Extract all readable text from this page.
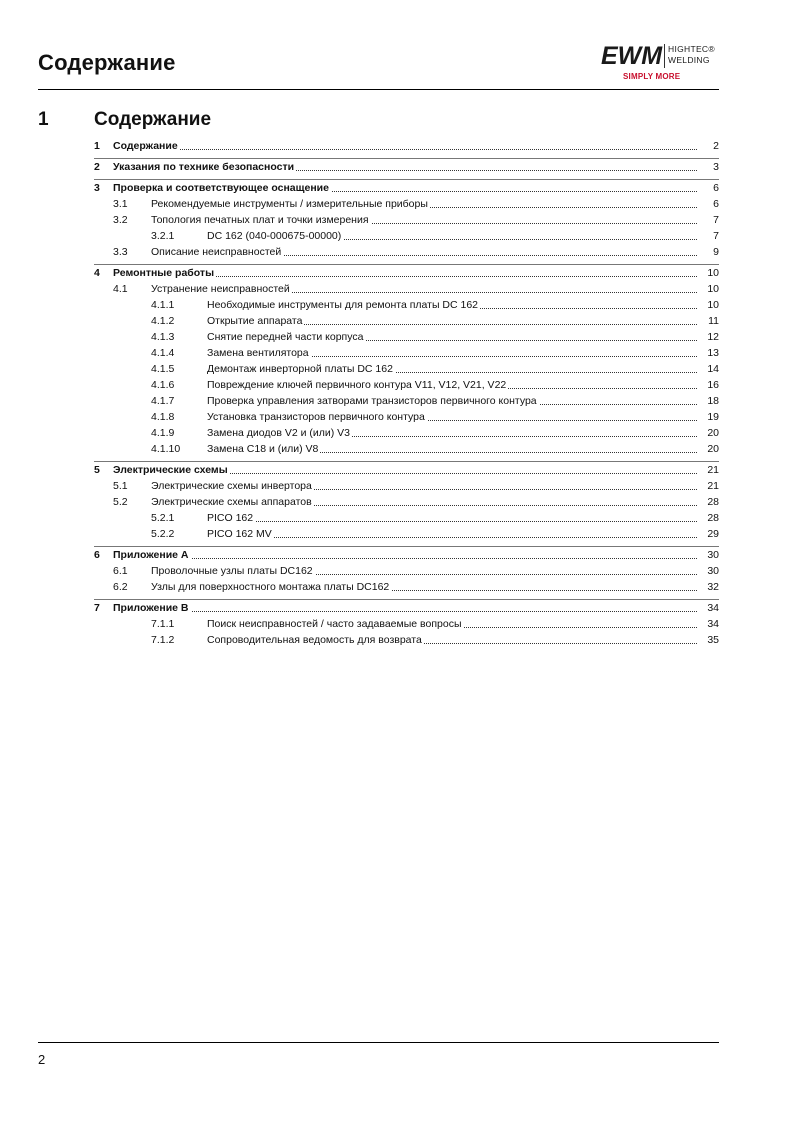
Содержание	EWM HIGHTEC®
WELDING
SIMPLY MORE
1 Содержание
1 Содержание	2
2 Указания по технике безопасности	3
3 Проверка и соответствующее оснащение	6
3.1 Рекомендуемые инструменты / измерительные приборы	6
3.2 Топология печатных плат и точки измерения	7
3.2.1	DC 162 (040-000675-00000)	7
3.3 Описание неисправностей	9
4 Ремонтные работы	10
4.1 Устранение неисправностей	10
4.1.1	Необходимые инструменты для ремонта платы DC 162	10
4.1.2	Открытие аппарата	11
4.1.3	Снятие передней части корпуса	12
4.1.4	Замена вентилятора	13
4.1.5	Демонтаж инверторной платы DC 162	14
4.1.6	Повреждение ключей первичного контура V11, V12, V21, V22	16
4.1.7	Проверка управления затворами транзисторов первичного контура	18
4.1.8	Установка транзисторов первичного контура	19
4.1.9	Замена диодов V2 и (или) V3	20
4.1.10	Замена C18 и (или) V8	20
5 Электрические схемы	21
5.1 Электрические схемы инвертора	21
5.2 Электрические схемы аппаратов	28
5.2.1	PICO 162	28
5.2.2	PICO 162 MV	29
6 Приложение A	30
6.1 Проволочные узлы платы DC162	30
6.2 Узлы для поверхностного монтажа платы DC162	32
7 Приложение B	34
7.1.1	Поиск неисправностей / часто задаваемые вопросы	34
7.1.2	Сопроводительная ведомость для возврата	35
2
